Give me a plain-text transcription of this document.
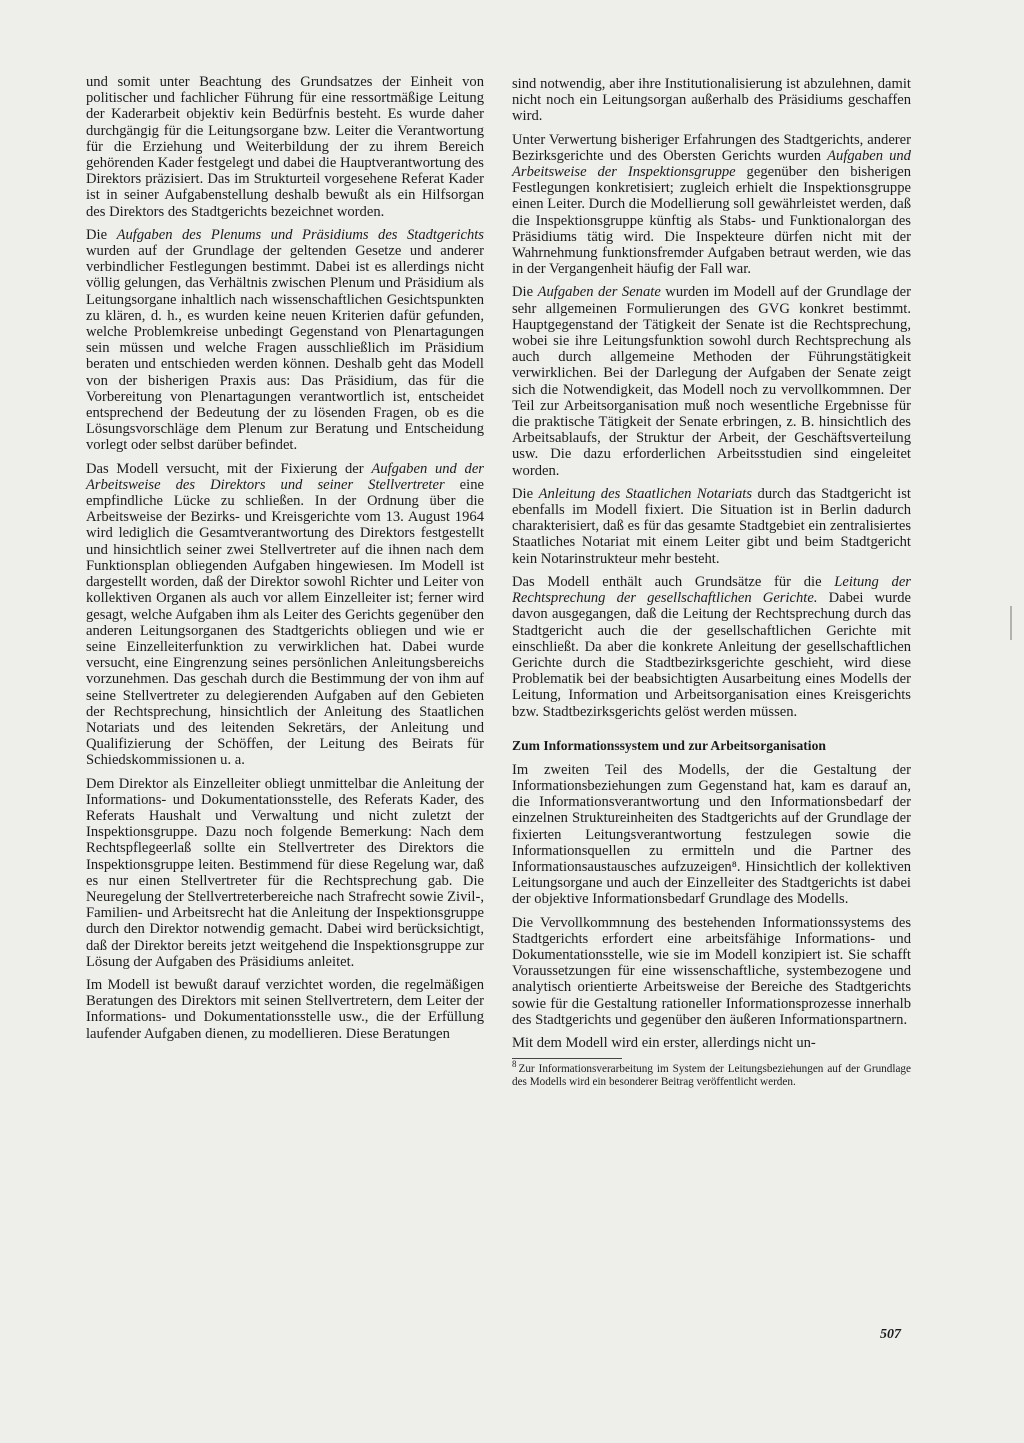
und somit unter Beachtung des Grundsatzes der Einheit von politischer und fachlicher Führung für eine ressortmäßige Leitung der Kaderarbeit objektiv kein Bedürfnis besteht. Es wurde daher durchgängig für die Leitungsorgane bzw. Leiter die Verantwortung für die Erziehung und Weiterbildung der zu ihrem Bereich gehörenden Kader festgelegt und dabei die Hauptverantwortung des Direktors präzisiert. Das im Strukturteil vorgesehene Referat Kader ist in seiner Aufgabenstellung deshalb bewußt als ein Hilfsorgan des Direktors des Stadtgerichts bezeichnet worden.

Die Aufgaben des Plenums und Präsidiums des Stadtgerichts wurden auf der Grundlage der geltenden Gesetze und anderer verbindlicher Festlegungen bestimmt. Dabei ist es allerdings nicht völlig gelungen, das Verhältnis zwischen Plenum und Präsidium als Leitungsorgane inhaltlich nach wissenschaftlichen Gesichtspunkten zu klären, d. h., es wurden keine neuen Kriterien dafür gefunden, welche Problemkreise unbedingt Gegenstand von Plenartagungen sein müssen und welche Fragen ausschließlich im Präsidium beraten und entschieden werden können. Deshalb geht das Modell von der bisherigen Praxis aus: Das Präsidium, das für die Vorbereitung von Plenartagungen verantwortlich ist, entscheidet entsprechend der Bedeutung der zu lösenden Fragen, ob es die Lösungsvorschläge dem Plenum zur Beratung und Entscheidung vorlegt oder selbst darüber befindet.

Das Modell versucht, mit der Fixierung der Aufgaben und der Arbeitsweise des Direktors und seiner Stellvertreter eine empfindliche Lücke zu schließen. In der Ordnung über die Arbeitsweise der Bezirks- und Kreisgerichte vom 13. August 1964 wird lediglich die Gesamtverantwortung des Direktors festgestellt und hinsichtlich seiner zwei Stellvertreter auf die ihnen nach dem Funktionsplan obliegenden Aufgaben hingewiesen. Im Modell ist dargestellt worden, daß der Direktor sowohl Richter und Leiter von kollektiven Organen als auch vor allem Einzelleiter ist; ferner wird gesagt, welche Aufgaben ihm als Leiter des Gerichts gegenüber den anderen Leitungsorganen des Stadtgerichts obliegen und wie er seine Einzelleiterfunktion zu verwirklichen hat. Dabei wurde versucht, eine Eingrenzung seines persönlichen Anleitungsbereichs vorzunehmen. Das geschah durch die Bestimmung der von ihm auf seine Stellvertreter zu delegierenden Aufgaben auf den Gebieten der Rechtsprechung, hinsichtlich der Anleitung des Staatlichen Notariats und des leitenden Sekretärs, der Anleitung und Qualifizierung der Schöffen, der Leitung des Beirats für Schiedskommissionen u. a.

Dem Direktor als Einzelleiter obliegt unmittelbar die Anleitung der Informations- und Dokumentationsstelle, des Referats Kader, des Referats Haushalt und Verwaltung und nicht zuletzt der Inspektionsgruppe. Dazu noch folgende Bemerkung: Nach dem Rechtspflegeerlaß sollte ein Stellvertreter des Direktors die Inspektionsgruppe leiten. Bestimmend für diese Regelung war, daß es nur einen Stellvertreter für die Rechtsprechung gab. Die Neuregelung der Stellvertreterbereiche nach Strafrecht sowie Zivil-, Familien- und Arbeitsrecht hat die Anleitung der Inspektionsgruppe durch den Direktor notwendig gemacht. Dabei wird berücksichtigt, daß der Direktor bereits jetzt weitgehend die Inspektionsgruppe zur Lösung der Aufgaben des Präsidiums anleitet.

Im Modell ist bewußt darauf verzichtet worden, die regelmäßigen Beratungen des Direktors mit seinen Stellvertretern, dem Leiter der Informations- und Dokumentationsstelle usw., die der Erfüllung laufender Aufgaben dienen, zu modellieren. Diese Beratungen

sind notwendig, aber ihre Institutionalisierung ist abzulehnen, damit nicht noch ein Leitungsorgan außerhalb des Präsidiums geschaffen wird.

Unter Verwertung bisheriger Erfahrungen des Stadtgerichts, anderer Bezirksgerichte und des Obersten Gerichts wurden Aufgaben und Arbeitsweise der Inspektionsgruppe gegenüber den bisherigen Festlegungen konkretisiert; zugleich erhielt die Inspektionsgruppe einen Leiter. Durch die Modellierung soll gewährleistet werden, daß die Inspektionsgruppe künftig als Stabs- und Funktionalorgan des Präsidiums tätig wird. Die Inspekteure dürfen nicht mit der Wahrnehmung funktionsfremder Aufgaben betraut werden, wie das in der Vergangenheit häufig der Fall war.

Die Aufgaben der Senate wurden im Modell auf der Grundlage der sehr allgemeinen Formulierungen des GVG konkret bestimmt. Hauptgegenstand der Tätigkeit der Senate ist die Rechtsprechung, wobei sie ihre Leitungsfunktion sowohl durch Rechtsprechung als auch durch allgemeine Methoden der Führungstätigkeit verwirklichen. Bei der Darlegung der Aufgaben der Senate zeigt sich die Notwendigkeit, das Modell noch zu vervollkommnen. Der Teil zur Arbeitsorganisation muß noch wesentliche Ergebnisse für die praktische Tätigkeit der Senate erbringen, z. B. hinsichtlich des Arbeitsablaufs, der Struktur der Arbeit, der Geschäftsverteilung usw. Die dazu erforderlichen Arbeitsstudien sind eingeleitet worden.

Die Anleitung des Staatlichen Notariats durch das Stadtgericht ist ebenfalls im Modell fixiert. Die Situation ist in Berlin dadurch charakterisiert, daß es für das gesamte Stadtgebiet ein zentralisiertes Staatliches Notariat mit einem Leiter gibt und beim Stadtgericht kein Notarinstrukteur mehr besteht.

Das Modell enthält auch Grundsätze für die Leitung der Rechtsprechung der gesellschaftlichen Gerichte. Dabei wurde davon ausgegangen, daß die Leitung der Rechtsprechung durch das Stadtgericht auch die der gesellschaftlichen Gerichte mit einschließt. Da aber die konkrete Anleitung der gesellschaftlichen Gerichte durch die Stadtbezirksgerichte geschieht, wird diese Problematik bei der beabsichtigten Ausarbeitung eines Modells der Leitung, Information und Arbeitsorganisation eines Kreisgerichts bzw. Stadtbezirksgerichts gelöst werden müssen.

Zum Informationssystem und zur Arbeitsorganisation

Im zweiten Teil des Modells, der die Gestaltung der Informationsbeziehungen zum Gegenstand hat, kam es darauf an, die Informationsverantwortung und den Informationsbedarf der einzelnen Struktureinheiten des Stadtgerichts auf der Grundlage der fixierten Leitungsverantwortung festzulegen sowie die Informationsquellen zu ermitteln und die Partner des Informationsaustausches aufzuzeigen⁸. Hinsichtlich der kollektiven Leitungsorgane und auch der Einzelleiter des Stadtgerichts ist dabei der objektive Informationsbedarf Grundlage des Modells.

Die Vervollkommnung des bestehenden Informationssystems des Stadtgerichts erfordert eine arbeitsfähige Informations- und Dokumentationsstelle, wie sie im Modell konzipiert ist. Sie schafft Voraussetzungen für eine wissenschaftliche, systembezogene und analytisch orientierte Arbeitsweise der Bereiche des Stadtgerichts sowie für die Gestaltung rationeller Informationsprozesse innerhalb des Stadtgerichts und gegenüber den äußeren Informationspartnern.

Mit dem Modell wird ein erster, allerdings nicht un-

$^8$ Zur Informationsverarbeitung im System der Leitungsbeziehungen auf der Grundlage des Modells wird ein besonderer Beitrag veröffentlicht werden.

507
